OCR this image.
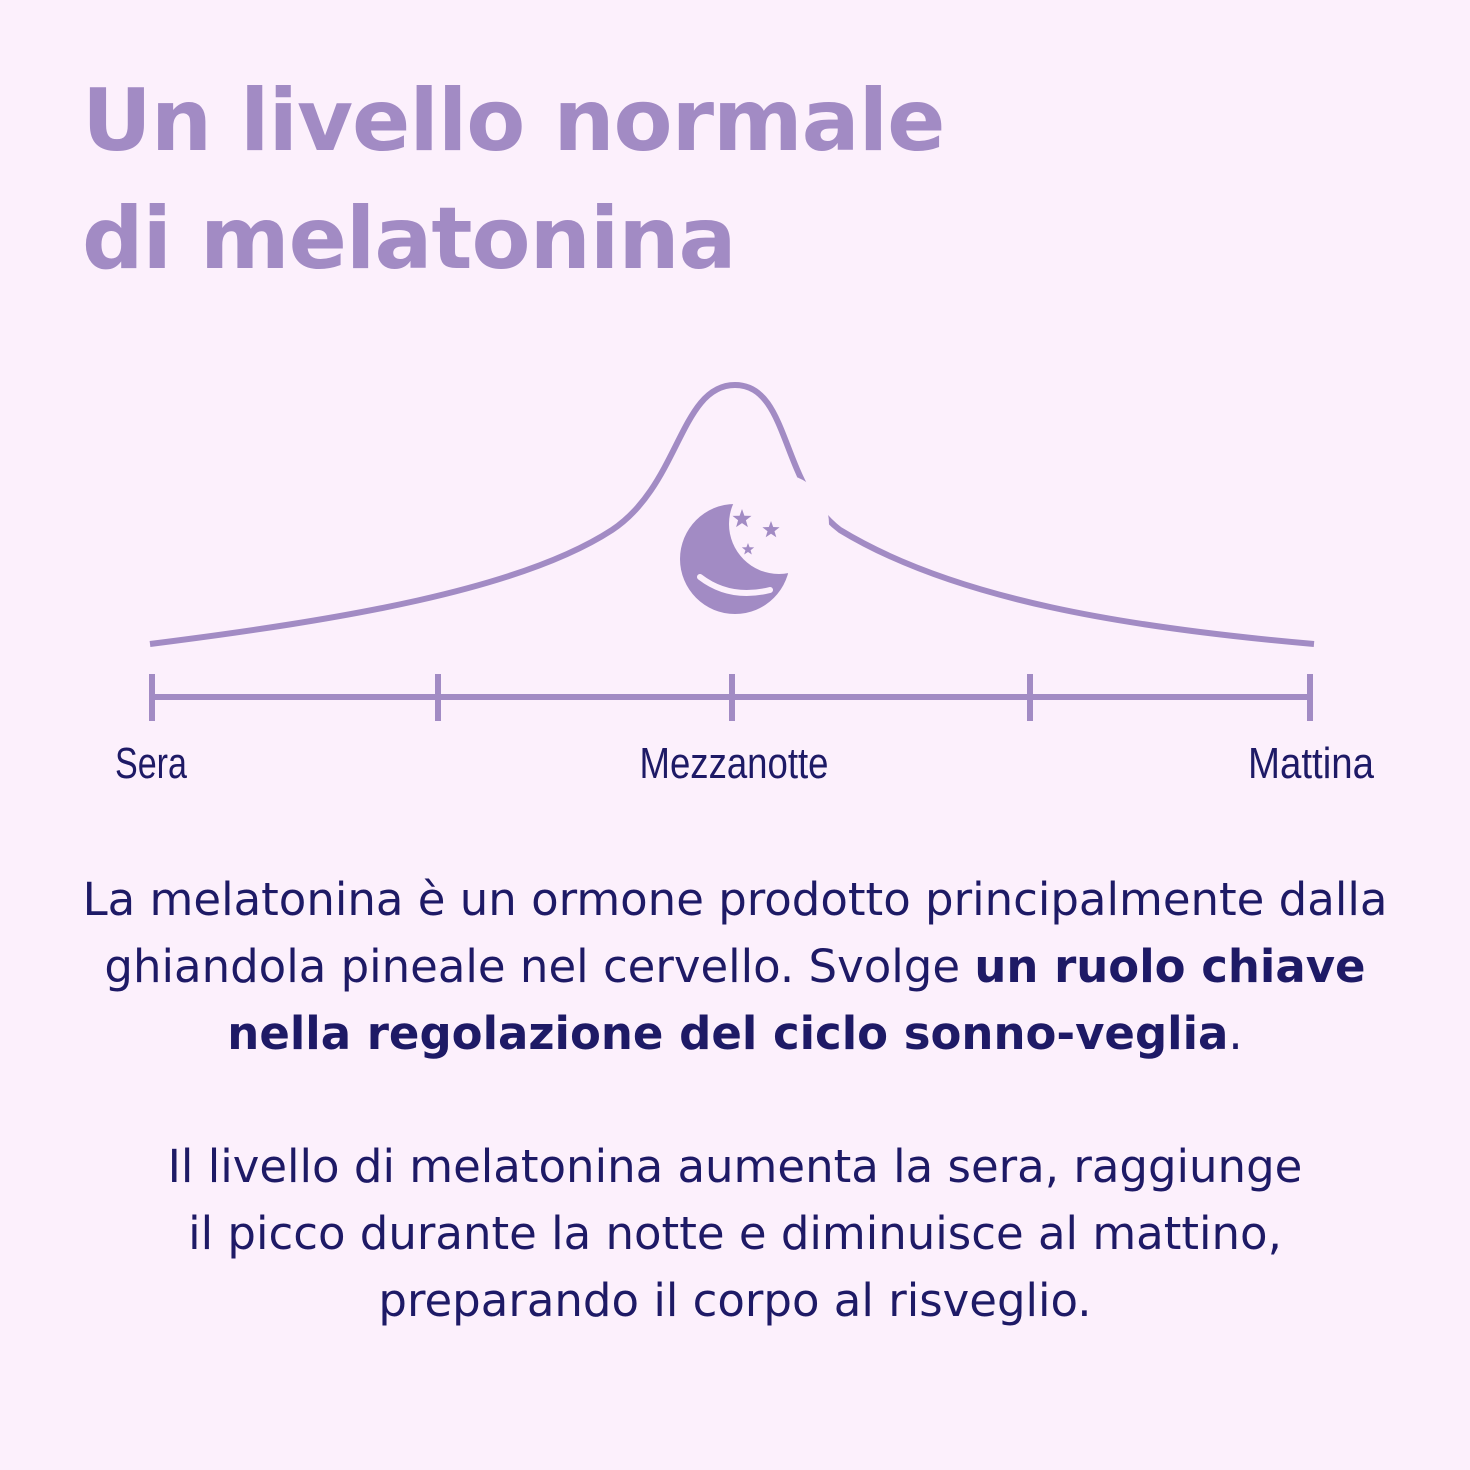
Un livello normale
di melatonina
Sera	Mezzanotte	Mattina

La melatonina è un ormone prodotto principalmente dalla ghiandola pineale nel cervello. Svolge un ruolo chiave nella regolazione del ciclo sonno-veglia.

Il livello di melatonina aumenta la sera, raggiunge
il picco durante la notte e diminuisce al mattino,
preparando il corpo al risveglio.
